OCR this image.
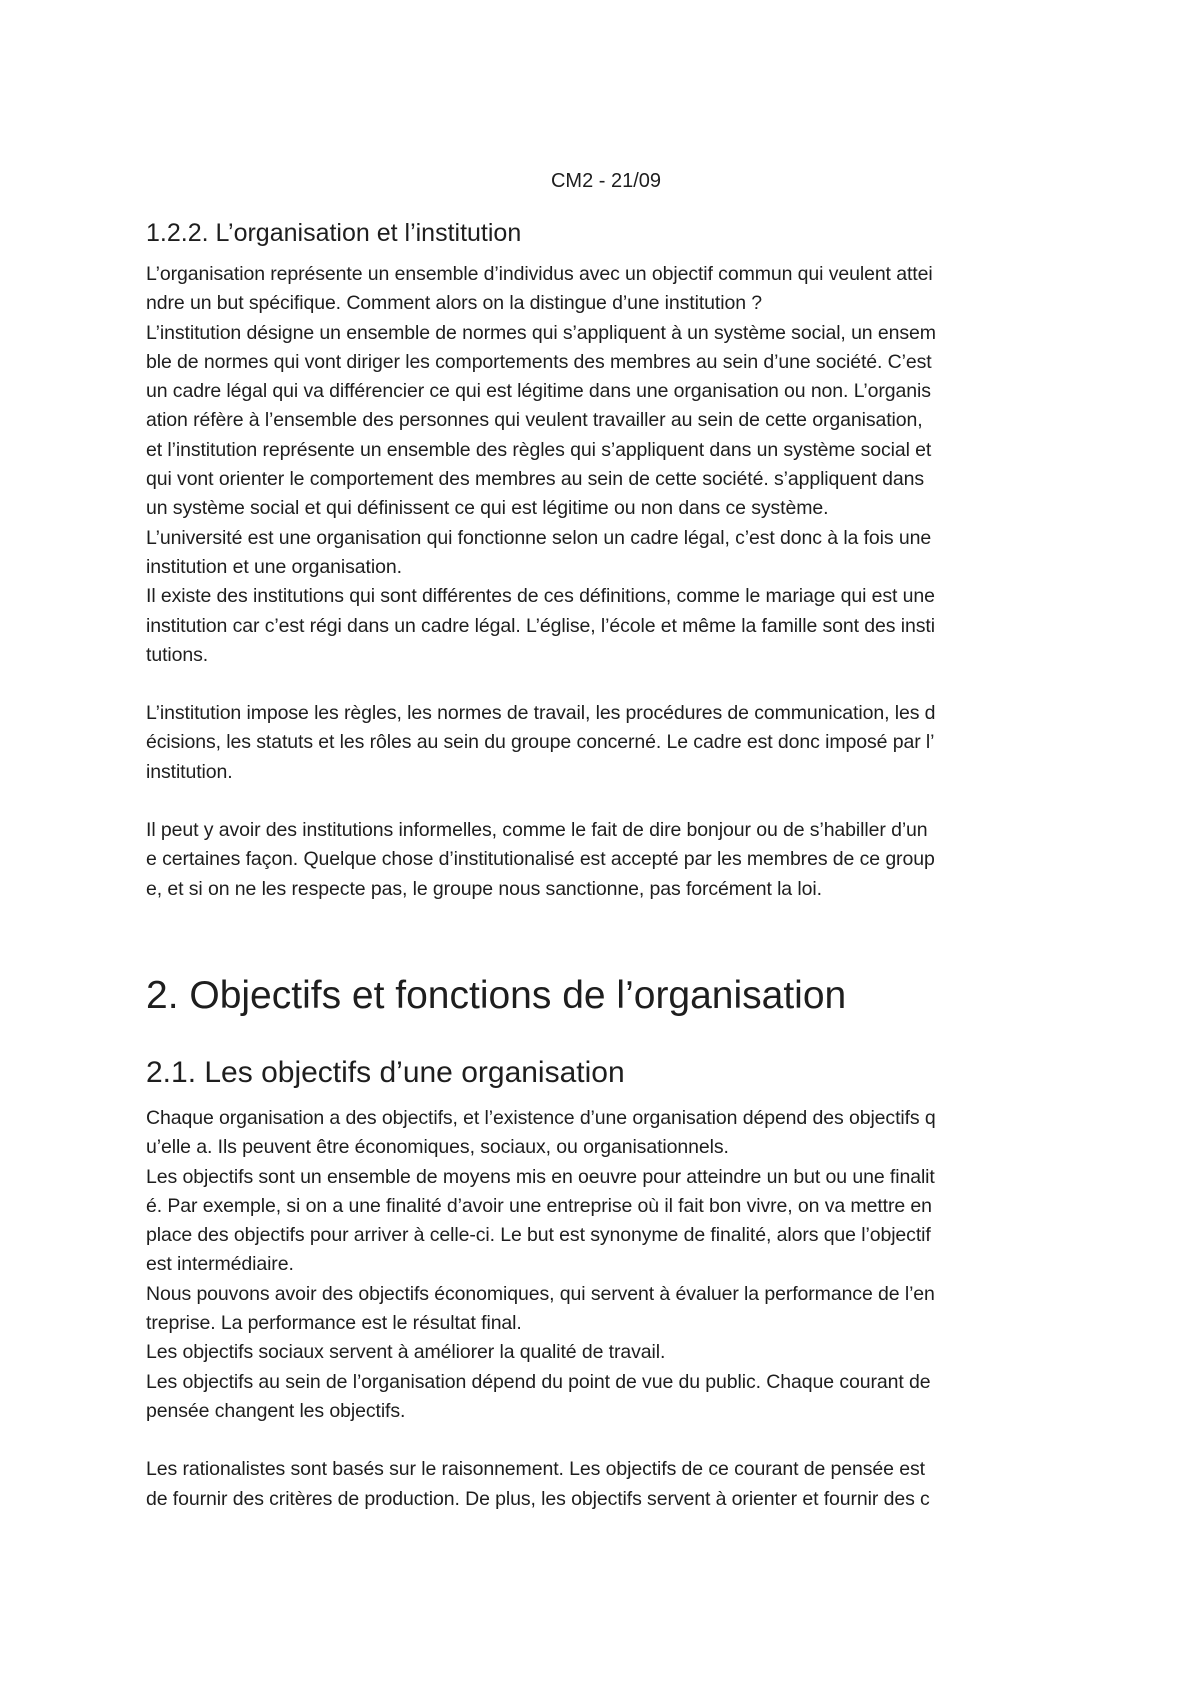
CM2 - 21/09
1.2.2. L’organisation et l’institution

L’organisation représente un ensemble d’individus avec un objectif commun qui veulent attei
ndre un but spécifique. Comment alors on la distingue d’une institution ?
L’institution désigne un ensemble de normes qui s’appliquent à un système social, un ensem
ble de normes qui vont diriger les comportements des membres au sein d’une société. C’est
un cadre légal qui va différencier ce qui est légitime dans une organisation ou non. L’organis
ation réfère à l’ensemble des personnes qui veulent travailler au sein de cette organisation,
et l’institution représente un ensemble des règles qui s’appliquent dans un système social et
qui vont orienter le comportement des membres au sein de cette société. s’appliquent dans
un système social et qui définissent ce qui est légitime ou non dans ce système.
L’université est une organisation qui fonctionne selon un cadre légal, c’est donc à la fois une
institution et une organisation.
Il existe des institutions qui sont différentes de ces définitions, comme le mariage qui est une
institution car c’est régi dans un cadre légal. L’église, l’école et même la famille sont des insti
tutions.

L’institution impose les règles, les normes de travail, les procédures de communication, les d
écisions, les statuts et les rôles au sein du groupe concerné. Le cadre est donc imposé par l’
institution.

Il peut y avoir des institutions informelles, comme le fait de dire bonjour ou de s’habiller d’un
e certaines façon. Quelque chose d’institutionalisé est accepté par les membres de ce group
e, et si on ne les respecte pas, le groupe nous sanctionne, pas forcément la loi.

2. Objectifs et fonctions de l’organisation
2.1. Les objectifs d’une organisation

Chaque organisation a des objectifs, et l’existence d’une organisation dépend des objectifs q
u’elle a. Ils peuvent être économiques, sociaux, ou organisationnels.
Les objectifs sont un ensemble de moyens mis en oeuvre pour atteindre un but ou une finalit
é. Par exemple, si on a une finalité d’avoir une entreprise où il fait bon vivre, on va mettre en
place des objectifs pour arriver à celle-ci. Le but est synonyme de finalité, alors que l’objectif
est intermédiaire.
Nous pouvons avoir des objectifs économiques, qui servent à évaluer la performance de l’en
treprise. La performance est le résultat final.
Les objectifs sociaux servent à améliorer la qualité de travail.
Les objectifs au sein de l’organisation dépend du point de vue du public. Chaque courant de
pensée changent les objectifs.

Les rationalistes sont basés sur le raisonnement. Les objectifs de ce courant de pensée est
de fournir des critères de production. De plus, les objectifs servent à orienter et fournir des c
